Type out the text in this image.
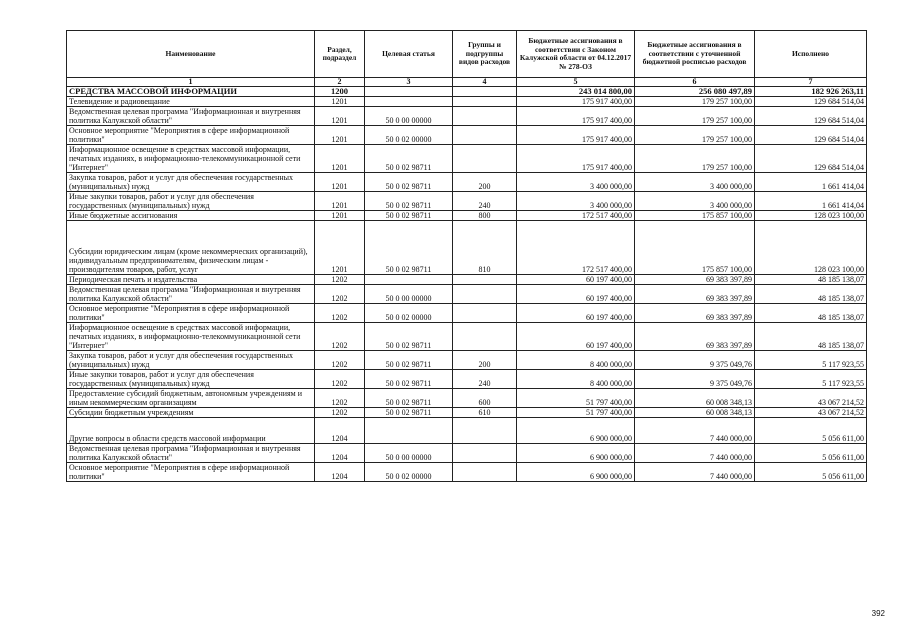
Наименование	Раздел, подраздел	Целевая статья	Группы и подгруппы видов расходов	Бюджетные ассигнования в соответствии с Законом Калужской области от 04.12.2017 № 278-ОЗ	Бюджетные ассигнования в соответствии с уточненной бюджетной росписью расходов	Исполнено
1	2	3	4	5	6	7
СРЕДСТВА МАССОВОЙ ИНФОРМАЦИИ	1200			243 014 800,00	256 080 497,89	182 926 263,11
Телевидение и радиовещание	1201			175 917 400,00	179 257 100,00	129 684 514,04
Ведомственная целевая программа "Информационная и внутренняя политика Калужской области"	1201	50 0 00 00000		175 917 400,00	179 257 100,00	129 684 514,04
Основное мероприятие "Мероприятия в сфере информационной политики"	1201	50 0 02 00000		175 917 400,00	179 257 100,00	129 684 514,04
Информационное освещение в средствах массовой информации, печатных изданиях, в информационно-телекоммуникационной сети "Интернет"	1201	50 0 02 98711		175 917 400,00	179 257 100,00	129 684 514,04
Закупка товаров, работ и услуг для обеспечения государственных (муниципальных) нужд	1201	50 0 02 98711	200	3 400 000,00	3 400 000,00	1 661 414,04
Иные закупки товаров, работ и услуг для обеспечения государственных (муниципальных) нужд	1201	50 0 02 98711	240	3 400 000,00	3 400 000,00	1 661 414,04
Иные бюджетные ассигнования	1201	50 0 02 98711	800	172 517 400,00	175 857 100,00	128 023 100,00
Субсидии юридическим лицам (кроме некоммерческих организаций), индивидуальным предпринимателям, физическим лицам - производителям товаров, работ, услуг	1201	50 0 02 98711	810	172 517 400,00	175 857 100,00	128 023 100,00
Периодическая печать и издательства	1202			60 197 400,00	69 383 397,89	48 185 138,07
Ведомственная целевая программа "Информационная и внутренняя политика Калужской области"	1202	50 0 00 00000		60 197 400,00	69 383 397,89	48 185 138,07
Основное мероприятие "Мероприятия в сфере информационной политики"	1202	50 0 02 00000		60 197 400,00	69 383 397,89	48 185 138,07
Информационное освещение в средствах массовой информации, печатных изданиях, в информационно-телекоммуникационной сети "Интернет"	1202	50 0 02 98711		60 197 400,00	69 383 397,89	48 185 138,07
Закупка товаров, работ и услуг для обеспечения государственных (муниципальных) нужд	1202	50 0 02 98711	200	8 400 000,00	9 375 049,76	5 117 923,55
Иные закупки товаров, работ и услуг для обеспечения государственных (муниципальных) нужд	1202	50 0 02 98711	240	8 400 000,00	9 375 049,76	5 117 923,55
Предоставление субсидий бюджетным, автономным учреждениям и иным некоммерческим организациям	1202	50 0 02 98711	600	51 797 400,00	60 008 348,13	43 067 214,52
Субсидии бюджетным учреждениям	1202	50 0 02 98711	610	51 797 400,00	60 008 348,13	43 067 214,52
Другие вопросы в области средств массовой информации	1204			6 900 000,00	7 440 000,00	5 056 611,00
Ведомственная целевая программа "Информационная и внутренняя политика Калужской области"	1204	50 0 00 00000		6 900 000,00	7 440 000,00	5 056 611,00
Основное мероприятие "Мероприятия в сфере информационной политики"	1204	50 0 02 00000		6 900 000,00	7 440 000,00	5 056 611,00
392
